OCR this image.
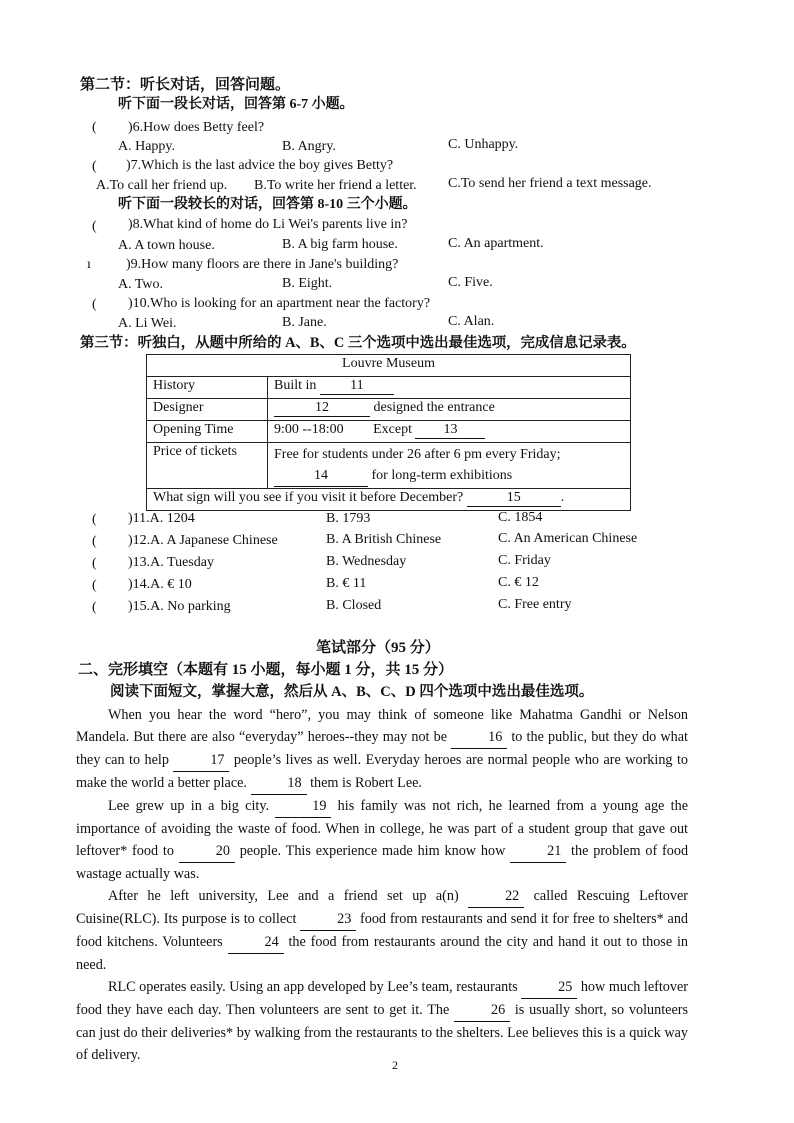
第二节：听长对话，回答问题。
听下面一段长对话，回答第 6-7 小题。
( )6.How does Betty feel?
A. Happy.	B. Angry.	C. Unhappy.
( )7.Which is the last advice the boy gives Betty?
A.To call her friend up. B.To write her friend a letter. C.To send her friend a text message.
听下面一段较长的对话，回答第 8-10 三个小题。
( )8.What kind of home do Li Wei's parents live in?
A. A town house.	B. A big farm house.	C. An apartment.
ı	)9.How many floors are there in Jane's building?
A. Two.	B. Eight.	C. Five.
( )10.Who is looking for an apartment near the factory?
A. Li Wei.	B. Jane.	C. Alan.
第三节：听独白，从题中所给的 A、B、C 三个选项中选出最佳选项，完成信息记录表。
Louvre Museum	
History	Built in 11
Designer	12 designed the entrance
Opening Time	9:00 --18:00 Except 13
Price of tickets	Free for students under 26 after 6 pm every Friday;
14 for long-term exhibitions

What sign will you see if you visit it before December? 15 .	
( )11.A. 1204	B. 1793	C. 1854
( )12.A. A Japanese Chinese	B. A British Chinese	C. An American Chinese
( )13.A. Tuesday	B. Wednesday	C. Friday
( )14.A. € 10	B. € 11	C. € 12
( )15.A. No parking	B. Closed	C. Free entry
笔试部分（95 分）
二、完形填空（本题有 15 小题，每小题 1 分，共 15 分）
阅读下面短文，掌握大意，然后从 A、B、C、D 四个选项中选出最佳选项。

When you hear the word “hero”, you may think of someone like Mahatma Gandhi or Nelson Mandela. But there are also “everyday” heroes--they may not be	16 to the public, but they do what they can to help	17 people’s lives as well. Everyday heroes are normal people who are working to make the world a better place.	18 them is Robert Lee.

Lee grew up in a big city.	19 his family was not rich, he learned from a young age the importance of avoiding the waste of food. When in college, he was part of a student group that gave out leftover* food to	20 people. This experience made him know how	21 the problem of food wastage actually was.

After he left university, Lee and a friend set up a(n)	22 called Rescuing Leftover Cuisine(RLC). Its purpose is to collect	23 food from restaurants and send it for free to shelters* and food kitchens. Volunteers	24 the food from restaurants around the city and hand it out to those in need.

RLC operates easily. Using an app developed by Lee’s team, restaurants	25 how much leftover food they have each day. Then volunteers are sent to get it. The	26 is usually short, so volunteers can just do their deliveries* by walking from the restaurants to the shelters. Lee believes this is a quick way of delivery.

2
